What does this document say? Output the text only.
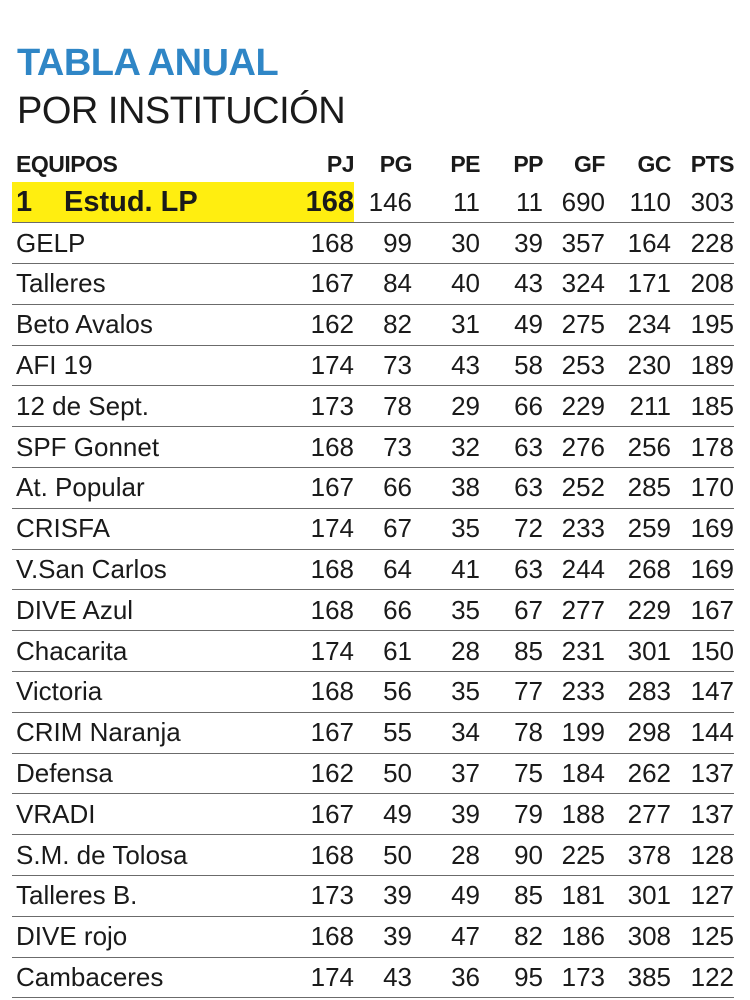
TABLA ANUAL
POR INSTITUCIÓN
EQUIPOS	PJ	PG	PE	PP	GF	GC	PTS
1 Estud. LP	168	146	11	11	690	110	303
GELP	168	99	30	39	357	164	228
Talleres	167	84	40	43	324	171	208
Beto Avalos	162	82	31	49	275	234	195
AFI 19	174	73	43	58	253	230	189
12 de Sept.	173	78	29	66	229	211	185
SPF Gonnet	168	73	32	63	276	256	178
At. Popular	167	66	38	63	252	285	170
CRISFA	174	67	35	72	233	259	169
V.San Carlos	168	64	41	63	244	268	169
DIVE Azul	168	66	35	67	277	229	167
Chacarita	174	61	28	85	231	301	150
Victoria	168	56	35	77	233	283	147
CRIM Naranja	167	55	34	78	199	298	144
Defensa	162	50	37	75	184	262	137
VRADI	167	49	39	79	188	277	137
S.M. de Tolosa	168	50	28	90	225	378	128
Talleres B.	173	39	49	85	181	301	127
DIVE rojo	168	39	47	82	186	308	125
Cambaceres	174	43	36	95	173	385	122
